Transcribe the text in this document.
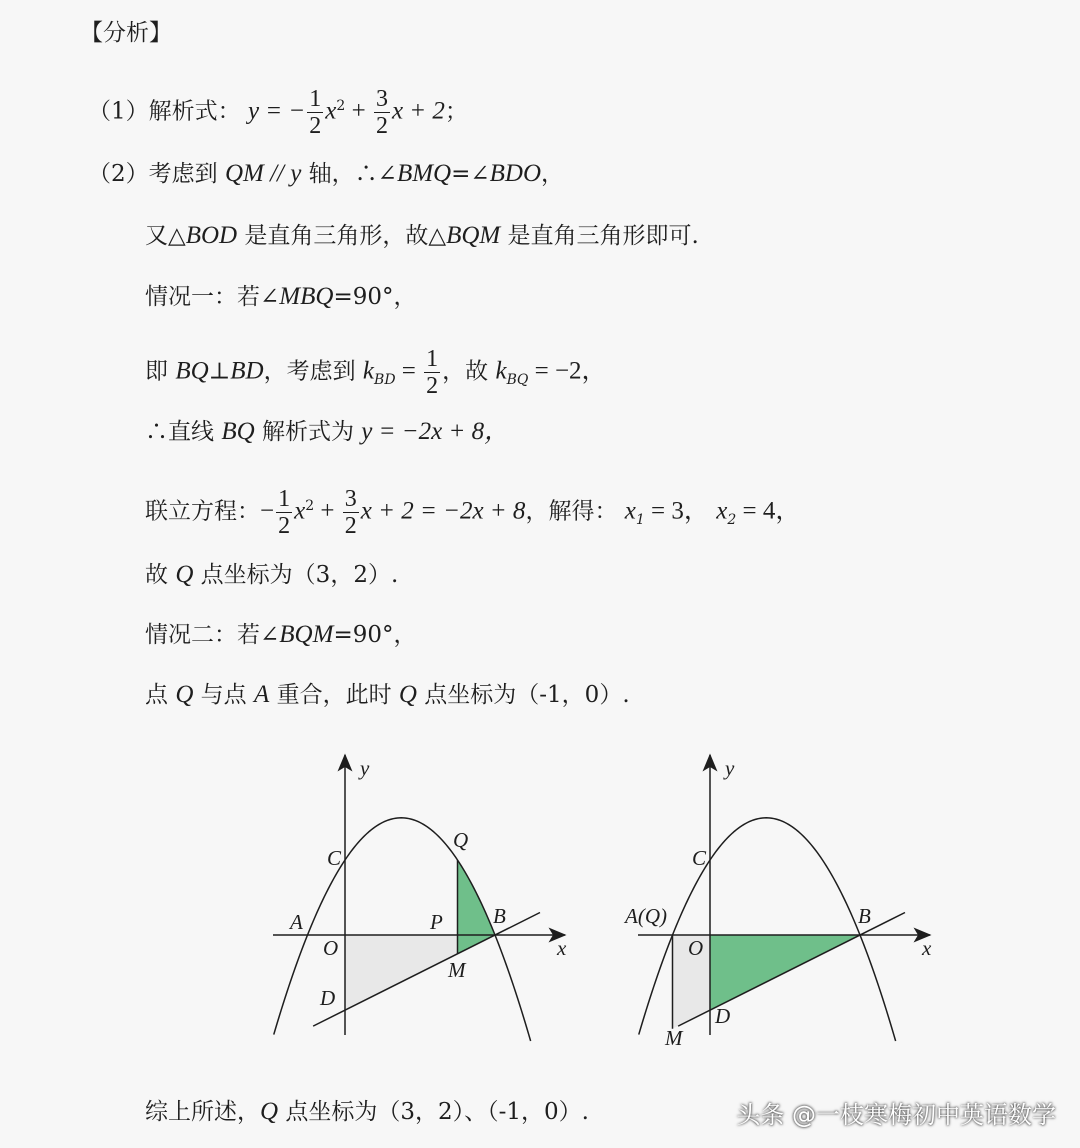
【分析】
（1）解析式： y = − $\frac{1}{2} x^2 + \frac{3}{2}$ x + 2；
（2）考虑到 QM // y 轴，∴∠BMQ=∠BDO，
又△BOD 是直角三角形，故△BQM 是直角三角形即可.
情况一：若∠MBQ=90°，
即 BQ⊥BD，考虑到 $k_{BD} = \frac{1}{2}$ ，故 $k_{BQ} = -2$，
∴直线 BQ 解析式为 y = −2x + 8，
联立方程：− $\frac{1}{2} x^2 + \frac{3}{2}$ x + 2 = −2x + 8，解得： $x_1 = 3$， $x_2 = 4$，
故 Q 点坐标为（3，2）.
情况二：若∠BQM=90°，
点 Q 与点 A 重合，此时 Q 点坐标为（-1，0）.
y
x
C
Q
A
O
P B
M
D
y
x
C
A(Q)
O
B
D
M
综上所述，Q 点坐标为（3，2）、（-1，0）.	头条 @一枝寒梅初中英语数学
